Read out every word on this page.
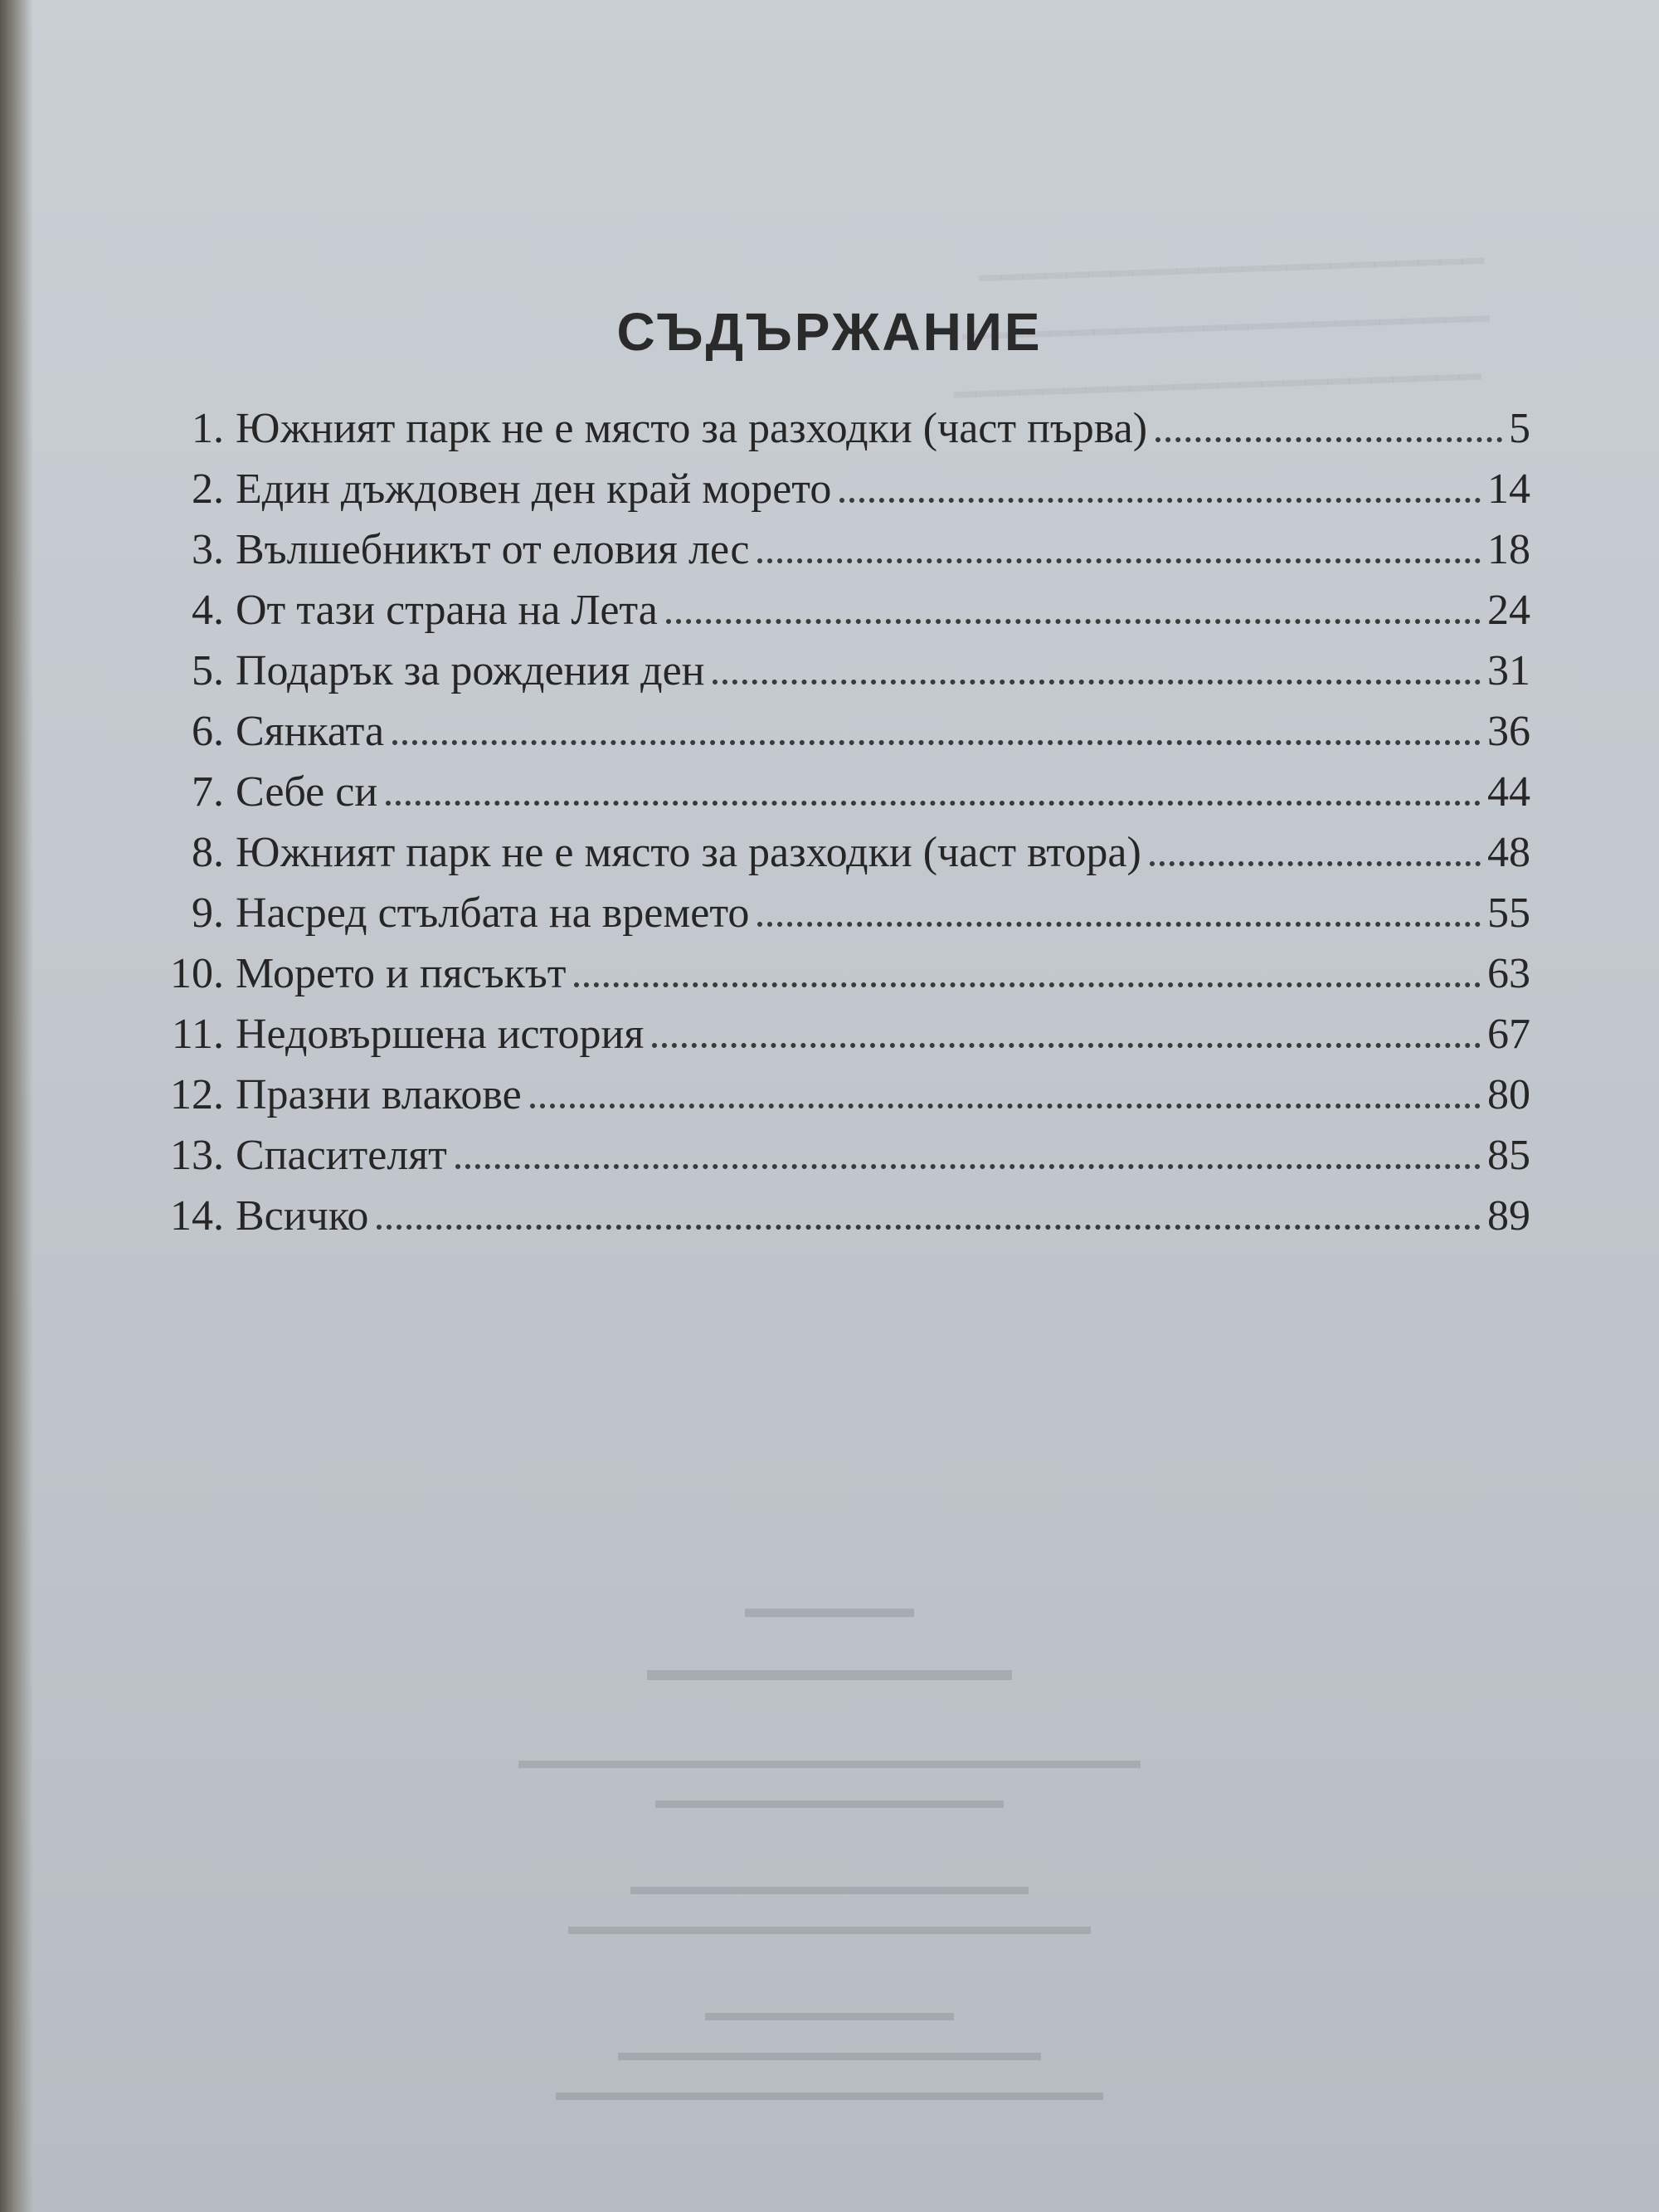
━━━━━━━━━━━━━━━━━━━━━━━
━━━━━━━━━━━━━━━━━━━━━━━━
━━━━━━━━━━━━━━━━━━━━━━━━
СЪДЪРЖАНИЕ
1. Южният парк не е място за разходки (част първа)	5
2. Един дъждовен ден край морето	14
3. Вълшебникът от еловия лес	18
4. От тази страна на Лета	24
5. Подарък за рождения ден	31
6. Сянката	36
7. Себе си	44
8. Южният парк не е място за разходки (част втора)	48
9. Насред стълбата на времето	55
10. Морето и пясъкът	63
11. Недовършена история	67
12. Празни влакове	80
13. Спасителят	85
14. Всичко	89
▬▬▬▬▬▬
▬▬▬▬▬▬▬▬▬▬▬
▬▬▬▬▬▬▬▬▬▬▬▬▬▬▬▬▬▬▬▬▬▬▬▬▬
▬▬▬▬▬▬▬▬▬▬▬▬▬▬
▬▬▬▬▬▬▬▬▬▬▬▬▬▬▬▬
▬▬▬▬▬▬▬▬▬▬▬▬▬▬▬▬▬▬▬▬▬
▬▬▬▬▬▬▬▬▬▬
▬▬▬▬▬▬▬▬▬▬▬▬▬▬▬▬▬
▬▬▬▬▬▬▬▬▬▬▬▬▬▬▬▬▬▬▬▬▬▬
